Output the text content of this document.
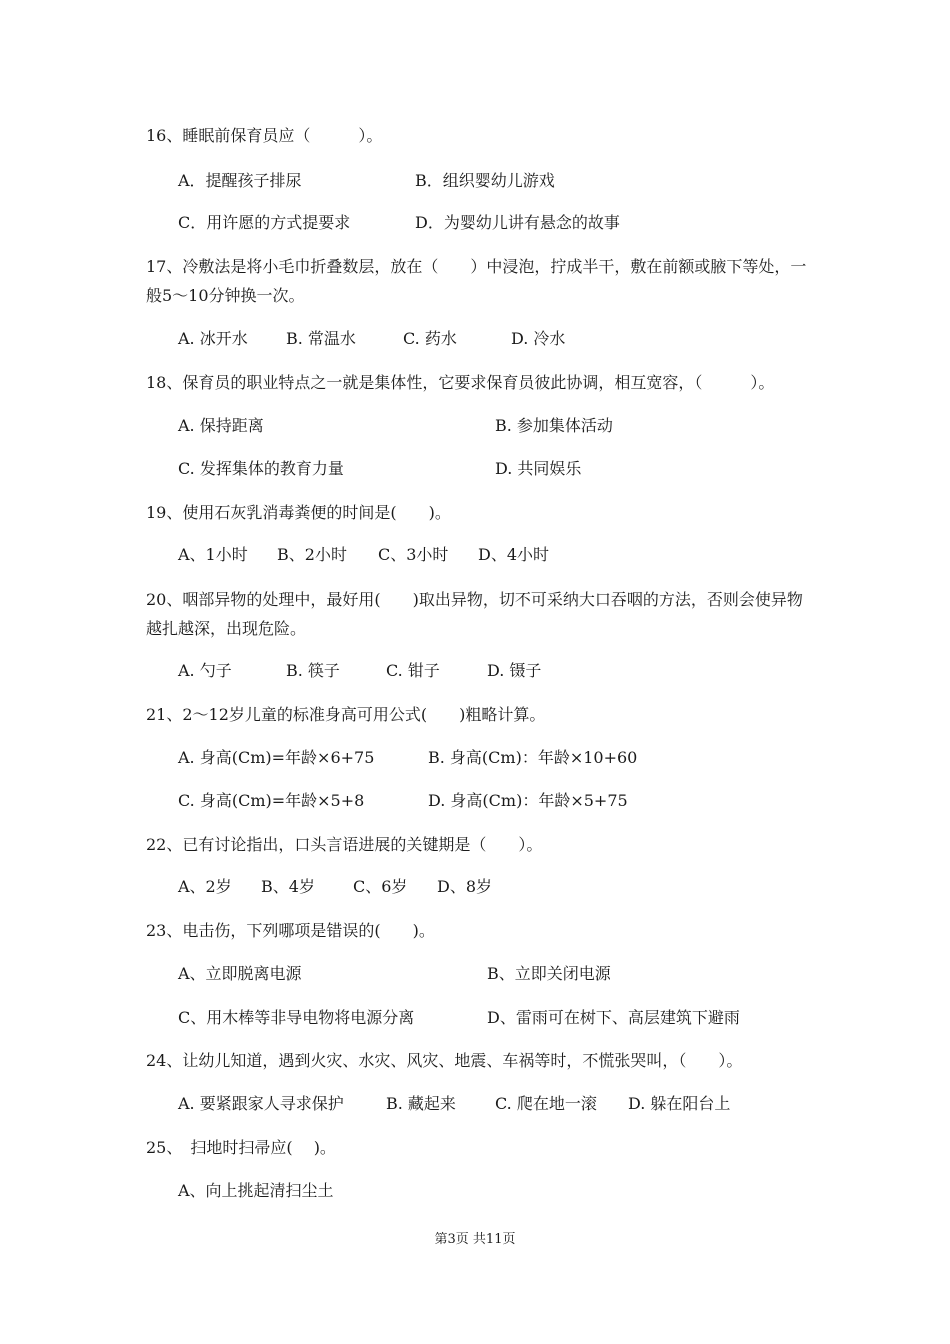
16、睡眠前保育员应（　　　）。
A．提醒孩子排尿	B．组织婴幼儿游戏
C．用许愿的方式提要求	D．为婴幼儿讲有悬念的故事
17、冷敷法是将小毛巾折叠数层，放在（　　）中浸泡，拧成半干，敷在前额或腋下等处，一般5～10分钟换一次。
A. 冰开水 B. 常温水	C. 药水	D. 冷水
18、保育员的职业特点之一就是集体性，它要求保育员彼此协调，相互宽容，（　　　）。
A. 保持距离	B. 参加集体活动
C. 发挥集体的教育力量	D. 共同娱乐
19、使用石灰乳消毒粪便的时间是(　　)。
A、1小时 B、2小时 C、3小时 D、4小时
20、咽部异物的处理中，最好用(　　)取出异物，切不可采纳大口吞咽的方法，否则会使异物越扎越深，出现危险。
A. 勺子	B. 筷子	C. 钳子	D. 镊子
21、2～12岁儿童的标准身高可用公式(　　)粗略计算。
A. 身高(Cm)=年龄×6+75	B. 身高(Cm)：年龄×10+60
C. 身高(Cm)=年龄×5+8	D. 身高(Cm)：年龄×5+75
22、已有讨论指出，口头言语进展的关键期是（　　）。
A、2岁 B、4岁 C、6岁 D、8岁
23、电击伤，下列哪项是错误的(　　)。
A、立即脱离电源	B、立即关闭电源
C、用木棒等非导电物将电源分离	D、雷雨可在树下、高层建筑下避雨
24、让幼儿知道，遇到火灾、水灾、风灾、地震、车祸等时，不慌张哭叫，（　　）。
A. 要紧跟家人寻求保护	B. 藏起来 C. 爬在地一滚 D. 躲在阳台上
25、　扫地时扫帚应(　 )。
A、向上挑起清扫尘土
第3页 共11页
